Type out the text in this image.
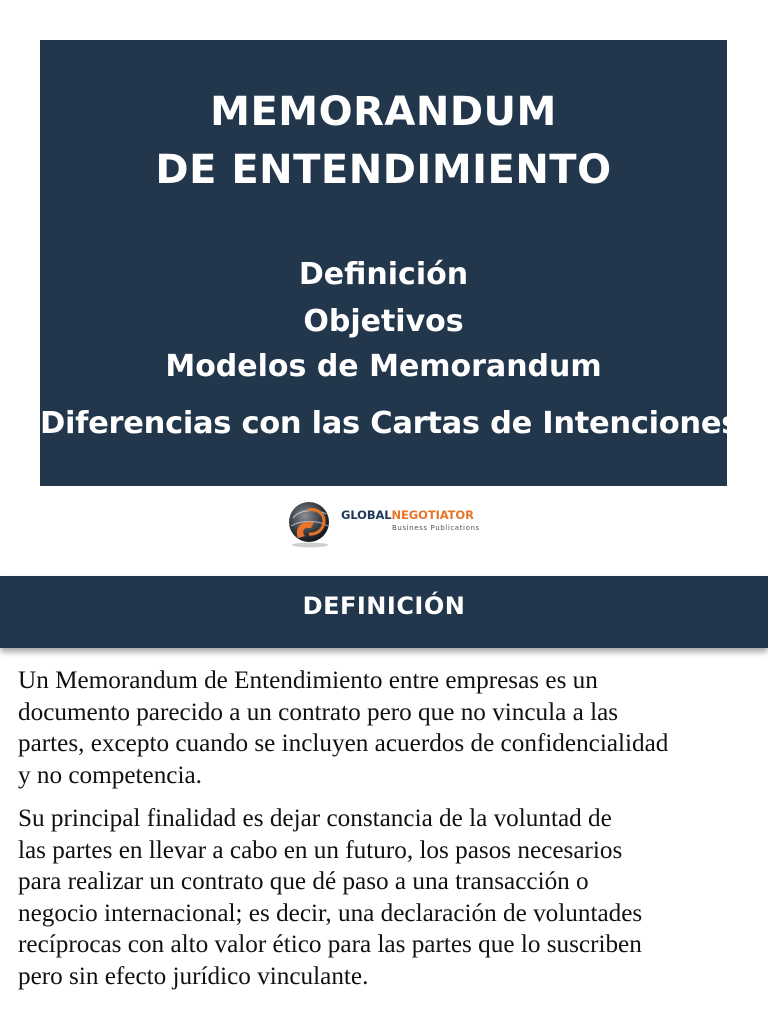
MEMORANDUM
DE ENTENDIMIENTO
Definición
Objetivos
Modelos de Memorandum
Diferencias con las Cartas de Intenciones
GLOBALNEGOTIATOR
Business Publications
DEFINICIÓN

Un Memorandum de Entendimiento entre empresas es un
documento parecido a un contrato pero que no vincula a las
partes, excepto cuando se incluyen acuerdos de confidencialidad
y no competencia.

Su principal finalidad es dejar constancia de la voluntad de
las partes en llevar a cabo en un futuro, los pasos necesarios
para realizar un contrato que dé paso a una transacción o
negocio internacional; es decir, una declaración de voluntades
recíprocas con alto valor ético para las partes que lo suscriben
pero sin efecto jurídico vinculante.
